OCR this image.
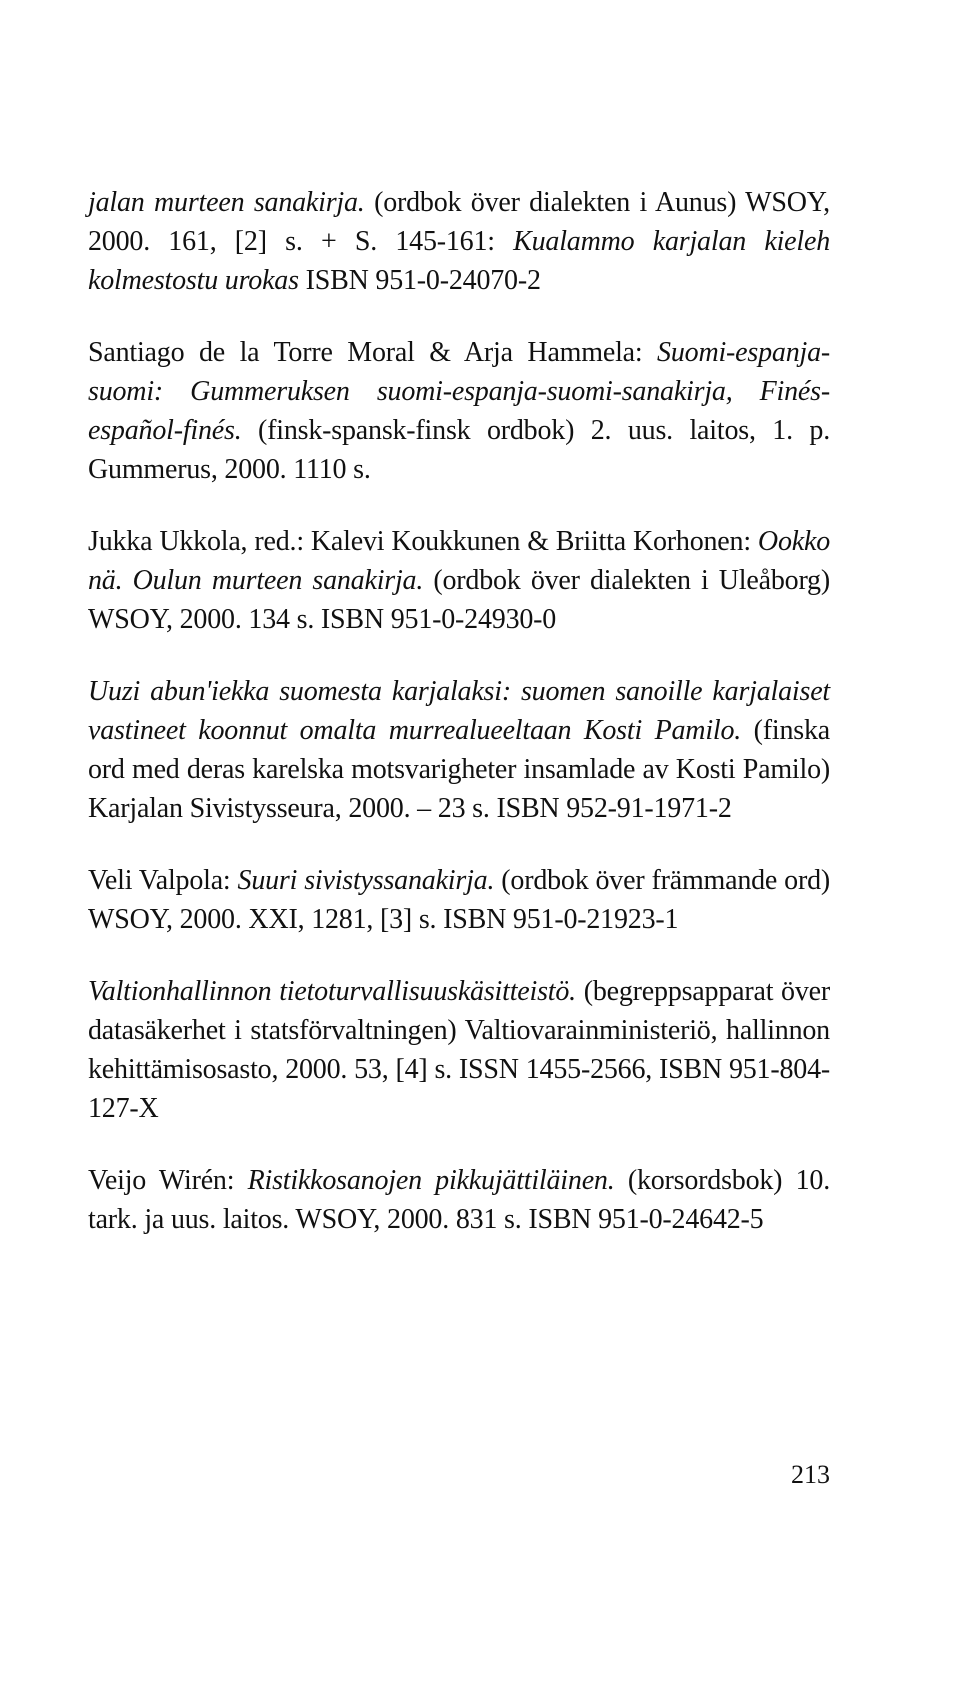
jalan murteen sanakirja. (ordbok över dialekten i Aunus) WSOY, 2000. 161, [2] s. + S. 145-161: Kualammo karjalan kieleh kolmestostu urokas ISBN 951-0-24070-2

Santiago de la Torre Moral & Arja Hammela: Suomi-espanja-suomi: Gummeruksen suomi-espanja-suomi-sanakirja, Finés-español-finés. (finsk-spansk-finsk ordbok) 2. uus. laitos, 1. p. Gummerus, 2000. 1110 s.

Jukka Ukkola, red.: Kalevi Koukkunen & Briitta Korhonen: Ookko nä. Oulun murteen sanakirja. (ordbok över dialekten i Uleåborg) WSOY, 2000. 134 s. ISBN 951-0-24930-0

Uuzi abun'iekka suomesta karjalaksi: suomen sanoille karjalaiset vastineet koonnut omalta murrealueeltaan Kosti Pamilo. (finska ord med deras karelska motsvarigheter insamlade av Kosti Pamilo) Karjalan Sivistysseura, 2000. – 23 s. ISBN 952-91-1971-2

Veli Valpola: Suuri sivistyssanakirja. (ordbok över främmande ord) WSOY, 2000. XXI, 1281, [3] s. ISBN 951-0-21923-1

Valtionhallinnon tietoturvallisuuskäsitteistö. (begreppsapparat över datasäkerhet i statsförvaltningen) Valtiovarainministeriö, hallinnon kehittämisosasto, 2000. 53, [4] s. ISSN 1455-2566, ISBN 951-804-127-X

Veijo Wirén: Ristikkosanojen pikkujättiläinen. (korsordsbok) 10. tark. ja uus. laitos. WSOY, 2000. 831 s. ISBN 951-0-24642-5

213
